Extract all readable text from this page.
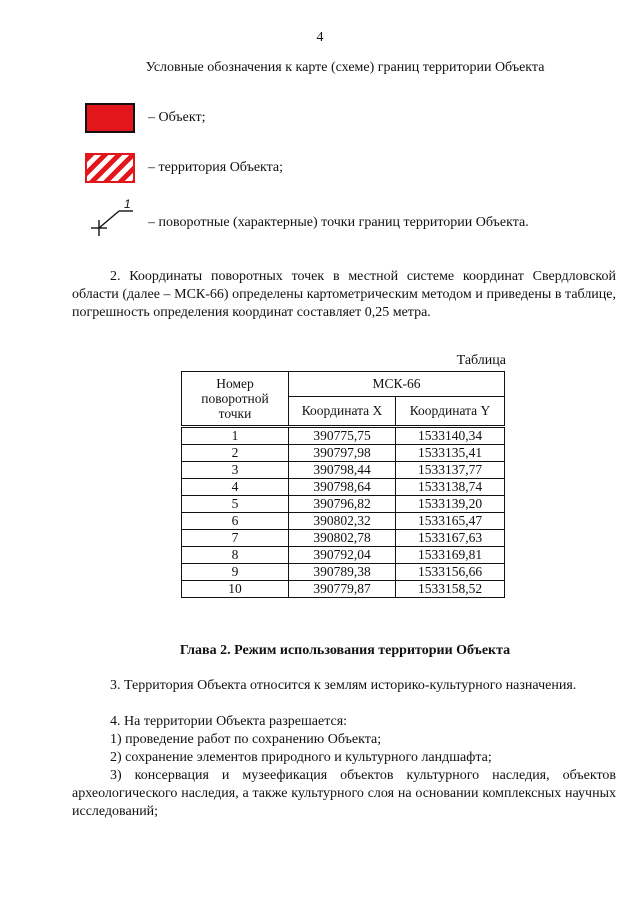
4
Условные обозначения к карте (схеме) границ территории Объекта
– Объект;
– территория Объекта;
1
– поворотные (характерные) точки границ территории Объекта.
2. Координаты поворотных точек в местной системе координат Свердловской области (далее – МСК-66) определены картометрическим методом и приведены в таблице, погрешность определения координат составляет 0,25 метра.
Таблица
Номер поворотной точки	МСК-66	
	Координата X	Координата Y
1	390775,75	1533140,34
2	390797,98	1533135,41
3	390798,44	1533137,77
4	390798,64	1533138,74
5	390796,82	1533139,20
6	390802,32	1533165,47
7	390802,78	1533167,63
8	390792,04	1533169,81
9	390789,38	1533156,66
10	390779,87	1533158,52
Глава 2. Режим использования территории Объекта
3. Территория Объекта относится к землям историко-культурного назначения.
4. На территории Объекта разрешается:
1) проведение работ по сохранению Объекта;
2) сохранение элементов природного и культурного ландшафта;
3) консервация и музеефикация объектов культурного наследия, объектов археологического наследия, а также культурного слоя на основании комплексных научных исследований;
